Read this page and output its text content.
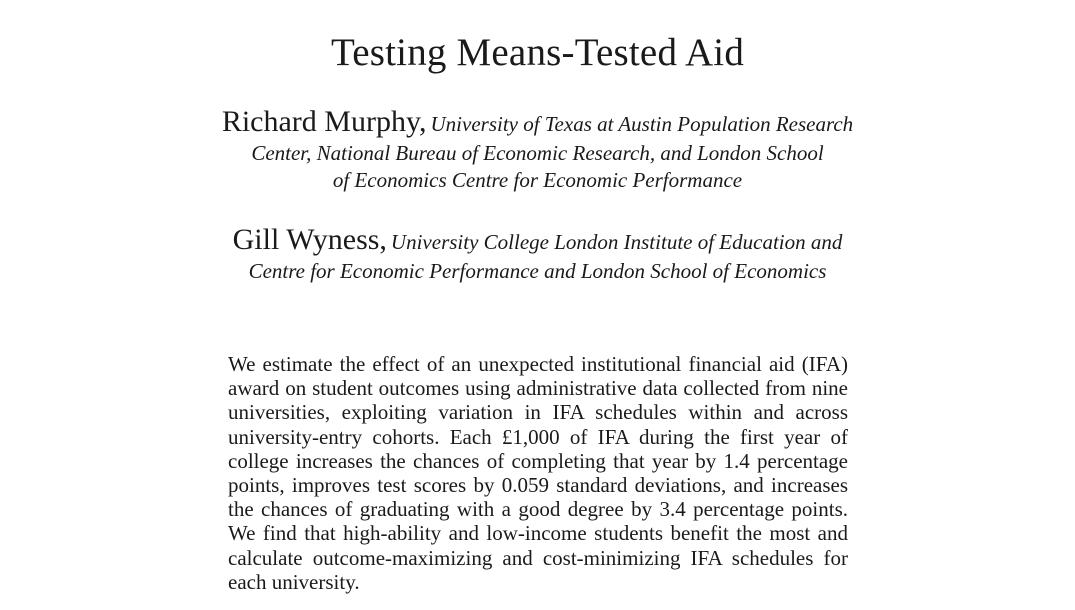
Testing Means-Tested Aid
Richard Murphy, University of Texas at Austin Population Research
Center, National Bureau of Economic Research, and London School
of Economics Centre for Economic Performance
Gill Wyness, University College London Institute of Education and
Centre for Economic Performance and London School of Economics
We estimate the effect of an unexpected institutional financial aid (IFA) award on student outcomes using administrative data collected from nine universities, exploiting variation in IFA schedules within and across university-entry cohorts. Each £1,000 of IFA during the first year of college increases the chances of completing that year by 1.4 percentage points, improves test scores by 0.059 standard deviations, and increases the chances of graduating with a good degree by 3.4 percentage points. We find that high-ability and low-income students benefit the most and calculate outcome-maximizing and cost-minimizing IFA schedules for each university.
